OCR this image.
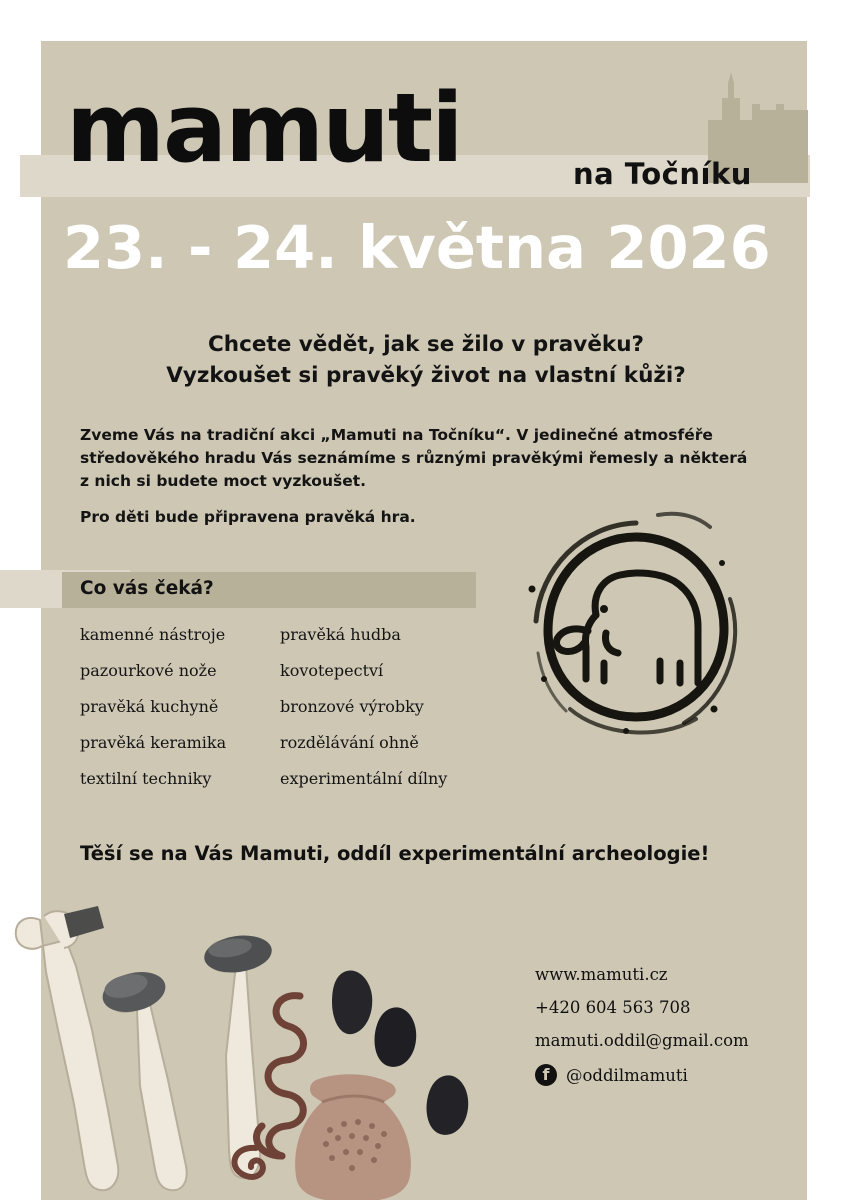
mamuti	na Točníku
23. - 24. května 2026
Chcete vědět, jak se žilo v pravěku?
Vyzkoušet si pravěký život na vlastní kůži?
Zveme Vás na tradiční akci „Mamuti na Točníku“. V jedinečné atmosféře středověkého hradu Vás seznámíme s různými pravěkými řemesly a některá z nich si budete moct vyzkoušet.
Pro děti bude připravena pravěká hra.
Co vás čeká?
kamenné nástroje	pravěká hudba
pazourkové nože	kovotepectví
pravěká kuchyně	bronzové výrobky
pravěká keramika	rozdělávání ohně
textilní techniky	experimentální dílny
Těší se na Vás Mamuti, oddíl experimentální archeologie!
www.mamuti.cz
+420 604 563 708
mamuti.oddil@gmail.com
f	@oddilmamuti
